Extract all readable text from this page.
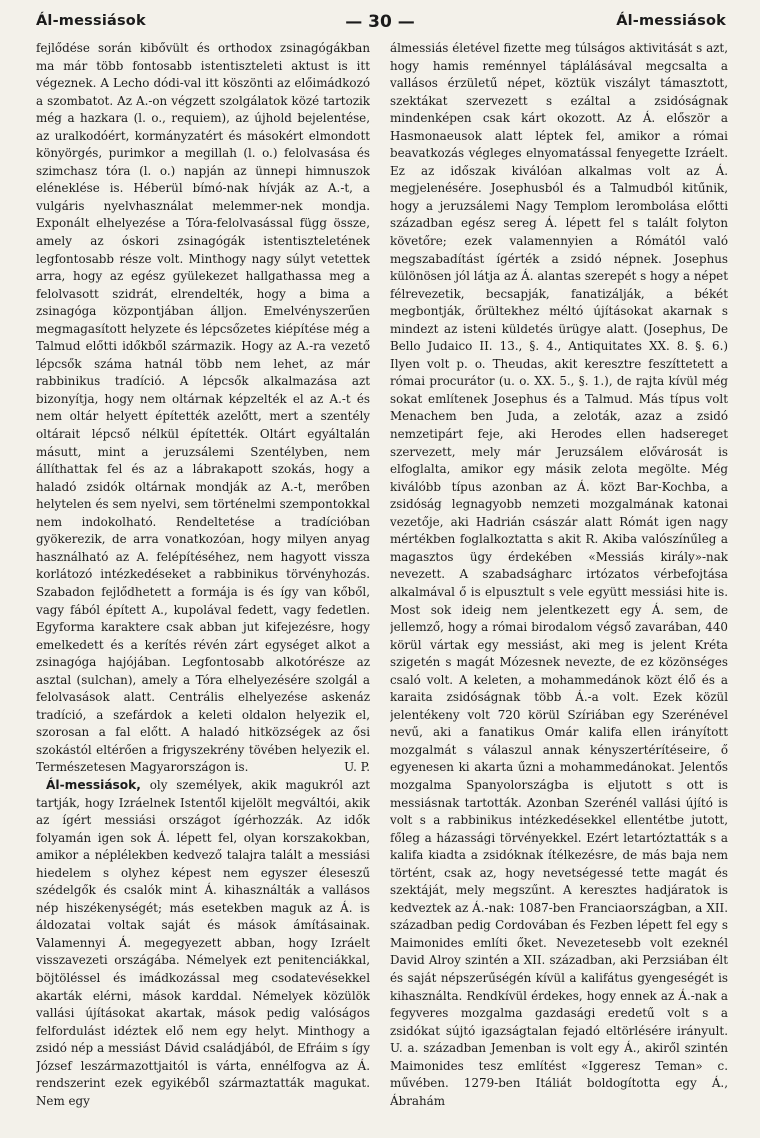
Ál-messiások	— 30 —	Ál-messiások

fejlődése során kibővült és orthodox zsinagógákban ma már több fontosabb istentiszteleti aktust is itt végeznek. A Lecho dódi-val itt köszönti az előimádkozó a szombatot. Az A.-on végzett szolgálatok közé tartozik még a hazkara (l. o., requiem), az újhold bejelentése, az uralkodóért, kormányzatért és másokért elmondott könyörgés, purimkor a megillah (l. o.) felolvasása és szimchasz tóra (l. o.) napján az ünnepi himnuszok eléneklése is. Héberül bímó-nak hívják az A.-t, a vulgáris nyelvhasználat melemmer-nek mondja. Exponált elhelyezése a Tóra-felolvasással függ össze, amely az óskori zsinagógák istentiszteletének legfontosabb része volt. Minthogy nagy súlyt vetettek arra, hogy az egész gyülekezet hallgathassa meg a felolvasott szidrát, elrendelték, hogy a bima a zsinagóga központjában álljon. Emelvényszerűen megmagasított helyzete és lépcsőzetes kiépítése még a Talmud előtti időkből származik. Hogy az A.-ra vezető lépcsők száma hatnál több nem lehet, az már rabbinikus tradíció. A lépcsők alkalmazása azt bizonyítja, hogy nem oltárnak képzelték el az A.-t és nem oltár helyett építették azelőtt, mert a szentély oltárait lépcső nélkül építették. Oltárt egyáltalán másutt, mint a jeruzsálemi Szentélyben, nem állíthattak fel és az a lábrakapott szokás, hogy a haladó zsidók oltárnak mondják az A.-t, merőben helytelen és sem nyelvi, sem történelmi szempontokkal nem indokolható. Rendeltetése a tradícióban gyökerezik, de arra vonatkozóan, hogy milyen anyag használható az A. felépítéséhez, nem hagyott vissza korlátozó intézkedéseket a rabbinikus törvényhozás. Szabadon fejlődhetett a formája is és így van kőből, vagy fából épített A., kupolával fedett, vagy fedetlen. Egyforma karaktere csak abban jut kifejezésre, hogy emelkedett és a kerítés révén zárt egységet alkot a zsinagóga hajójában. Legfontosabb alkotórésze az asztal (sulchan), amely a Tóra elhelyezésére szolgál a felolvasások alatt. Centrális elhelyezése askenáz tradíció, a szefárdok a keleti oldalon helyezik el, szorosan a fal előtt. A haladó hitközségek az ősi szokástól eltérően a frigyszekrény tövében helyezik el. Természetesen Magyarországon is.	U. P.

Ál-messiások, oly személyek, akik magukról azt tartják, hogy Izráelnek Istentől kijelölt megváltói, akik az ígért messiási országot ígérhozzák. Az idők folyamán igen sok Á. lépett fel, olyan korszakokban, amikor a néplélekben kedvező talajra talált a messiási hiedelem s olyhez képest nem egyszer éleseszű szédelgők és csalók mint Á. kihasználták a vallásos nép hiszékenységét; más esetekben maguk az Á. is áldozatai voltak saját és mások ámításainak. Valamennyi Á. megegyezett abban, hogy Izráelt visszavezeti országába. Némelyek ezt penitenciákkal, böjtöléssel és imádkozással meg csodatevésekkel akarták elérni, mások karddal. Némelyek közülök vallási újításokat akartak, mások pedig valóságos felfordulást idéztek elő nem egy helyt. Minthogy a zsidó nép a messiást Dávid családjából, de Efráim s így József leszármazottjaitól is várta, ennélfogva az Á. rendszerint ezek egyikéből származtatták magukat. Nem egy

álmessiás életével fizette meg túlságos aktivitását s azt, hogy hamis reménnyel táplálásával megcsalta a vallásos érzületű népet, köztük viszályt támasztott, szektákat szervezett s ezáltal a zsidóságnak mindenképen csak kárt okozott. Az Á. először a Hasmonaeusok alatt léptek fel, amikor a római beavatkozás végleges elnyomatással fenyegette Izráelt. Ez az időszak kiválóan alkalmas volt az Á. megjelenésére. Josephusból és a Talmudból kitűnik, hogy a jeruzsálemi Nagy Templom lerombolása előtti században egész sereg Á. lépett fel s talált folyton követőre; ezek valamennyien a Rómától való megszabadítást ígérték a zsidó népnek. Josephus különösen jól látja az Á. alantas szerepét s hogy a népet félrevezetik, becsapják, fanatizálják, a békét megbontják, őrültekhez méltó újításokat akarnak s mindezt az isteni küldetés ürügye alatt. (Josephus, De Bello Judaico II. 13., §. 4., Antiquitates XX. 8. §. 6.) Ilyen volt p. o. Theudas, akit keresztre feszíttetett a római procurátor (u. o. XX. 5., §. 1.), de rajta kívül még sokat említenek Josephus és a Talmud. Más típus volt Menachem ben Juda, a zeloták, azaz a zsidó nemzetipárt feje, aki Herodes ellen hadsereget szervezett, mely már Jeruzsálem elővárosát is elfoglalta, amikor egy másik zelota megölte. Még kiválóbb típus azonban az Á. közt Bar-Kochba, a zsidóság legnagyobb nemzeti mozgalmának katonai vezetője, aki Hadrián császár alatt Rómát igen nagy mértékben foglalkoztatta s akit R. Akiba valószínűleg a magasztos ügy érdekében «Messiás király»-nak nevezett. A szabadságharc irtózatos vérbefojtása alkalmával ő is elpusztult s vele együtt messiási hite is. Most sok ideig nem jelentkezett egy Á. sem, de jellemző, hogy a római birodalom végső zavarában, 440 körül vártak egy messiást, aki meg is jelent Kréta szigetén s magát Mózesnek nevezte, de ez közönséges csaló volt. A keleten, a mohammedánok közt élő és a karaita zsidóságnak több Á.-a volt. Ezek közül jelentékeny volt 720 körül Szíriában egy Szerénével nevű, aki a fanatikus Omár kalifa ellen irányított mozgalmát s válaszul annak kényszertérítéseire, ő egyenesen ki akarta űzni a mohammedánokat. Jelentős mozgalma Spanyolországba is eljutott s ott is messiásnak tartották. Azonban Szerénél vallási újító is volt s a rabbinikus intézkedésekkel ellentétbe jutott, főleg a házassági törvényekkel. Ezért letartóztatták s a kalifa kiadta a zsidóknak ítélkezésre, de más baja nem történt, csak az, hogy nevetségessé tette magát és szektáját, mely megszűnt. A keresztes hadjáratok is kedveztek az Á.-nak: 1087-ben Franciaországban, a XII. században pedig Cordovában és Fezben lépett fel egy s Maimonides említi őket. Nevezetesebb volt ezeknél David Alroy szintén a XII. században, aki Perzsiában élt és saját népszerűségén kívül a kalifátus gyengeségét is kihasználta. Rendkívül érdekes, hogy ennek az Á.-nak a fegyveres mozgalma gazdasági eredetű volt s a zsidókat sújtó igazságtalan fejadó eltörlésére irányult. U. a. században Jemenban is volt egy Á., akiről szintén Maimonides tesz említést «Iggeresz Teman» c. művében. 1279-ben Itáliát boldogította egy Á., Ábrahám
